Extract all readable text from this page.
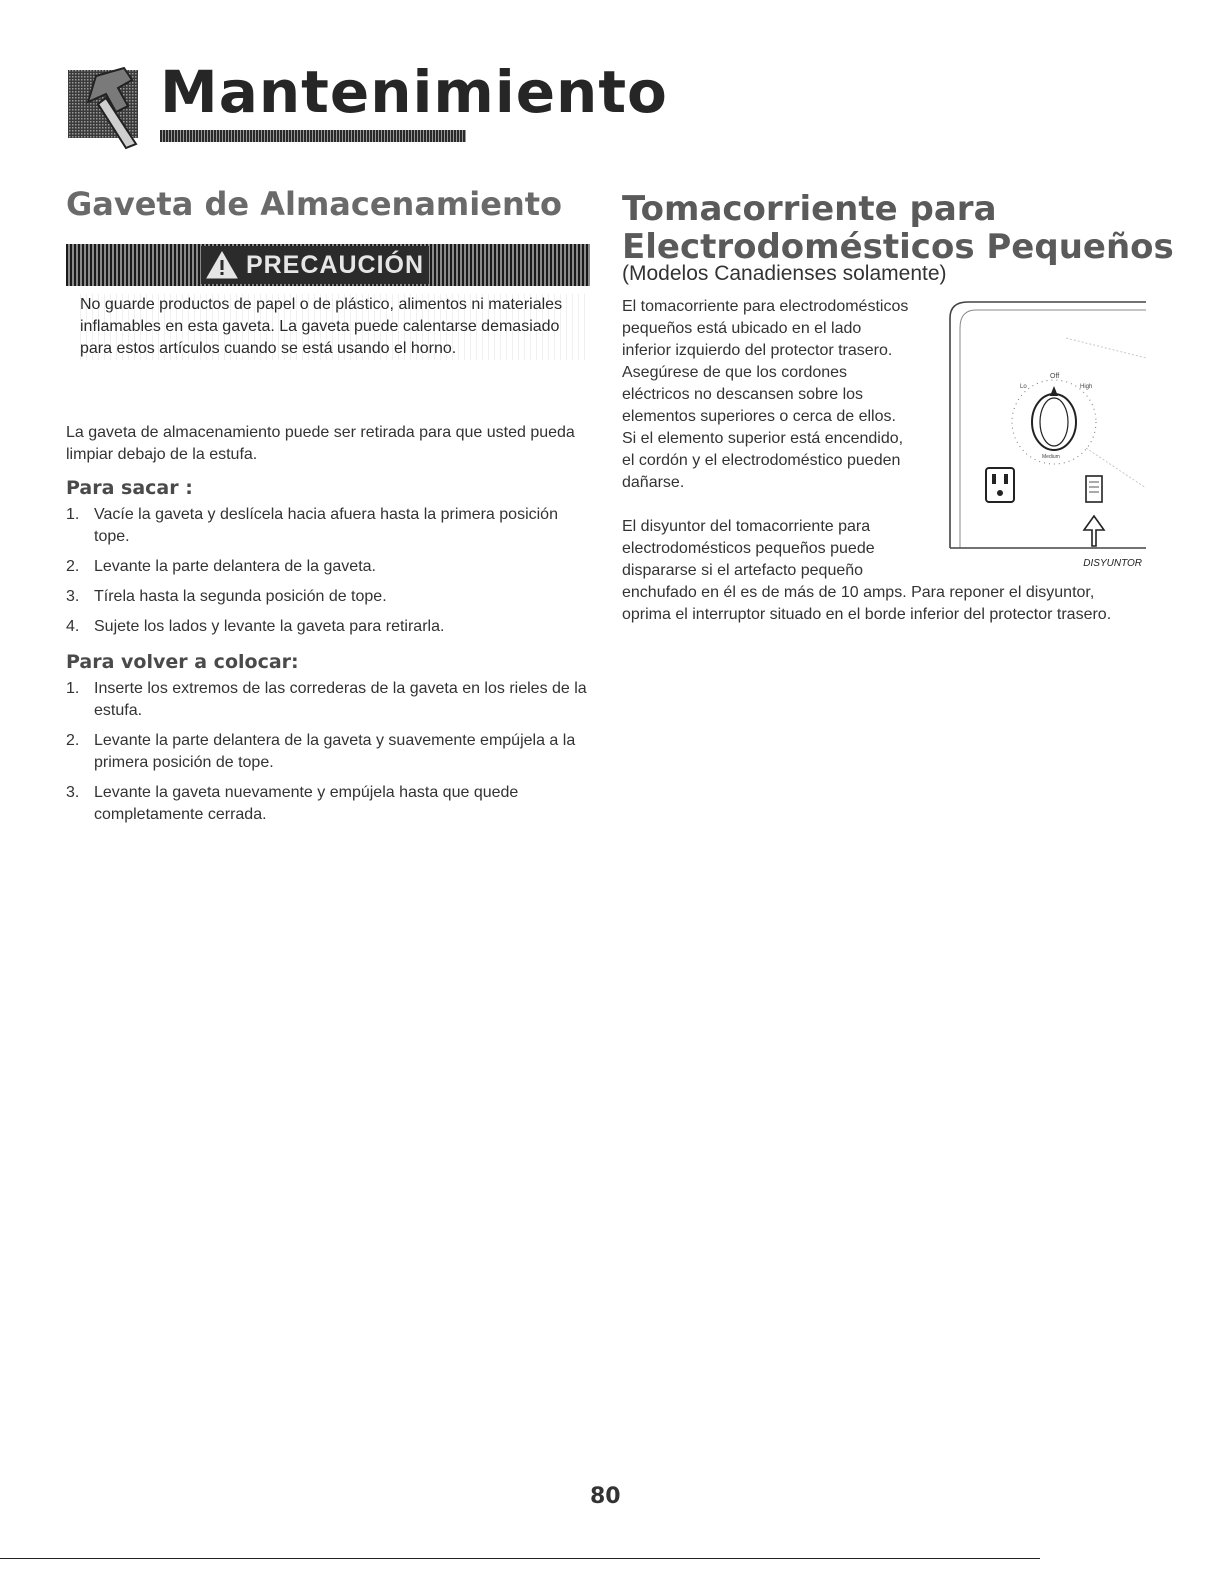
Mantenimiento
Gaveta de Almacenamiento
PRECAUCIÓN
No guarde productos de papel o de plástico, alimentos ni materiales inflamables en esta gaveta. La gaveta puede calentarse demasiado para estos artículos cuando se está usando el horno.
La gaveta de almacenamiento puede ser retirada para que usted pueda limpiar debajo de la estufa.
Para sacar :
1. Vacíe la gaveta y deslícela hacia afuera hasta la primera posición tope.
2. Levante la parte delantera de la gaveta.
3. Tírela hasta la segunda posición de tope.
4. Sujete los lados y levante la gaveta para retirarla.
Para volver a colocar:
1. Inserte los extremos de las correderas de la gaveta en los rieles de la estufa.
2. Levante la parte delantera de la gaveta y suavemente empújela a la primera posición de tope.
3. Levante la gaveta nuevamente y empújela hasta que quede completamente cerrada.
Tomacorriente para
Electrodomésticos Pequeños
(Modelos Canadienses solamente)
El tomacorriente para electrodomésticos
pequeños está ubicado en el lado
inferior izquierdo del protector trasero.
Asegúrese de que los cordones
eléctricos no descansen sobre los
elementos superiores o cerca de ellos.
Si el elemento superior está encendido,
el cordón y el electrodoméstico pueden
dañarse.
El disyuntor del tomacorriente para
electrodomésticos pequeños puede
dispararse si el artefacto pequeño
enchufado en él es de más de 10 amps. Para reponer el disyuntor, oprima el interruptor situado en el borde inferior del protector trasero.
Off
Lo	High
Medium
DISYUNTOR
80
